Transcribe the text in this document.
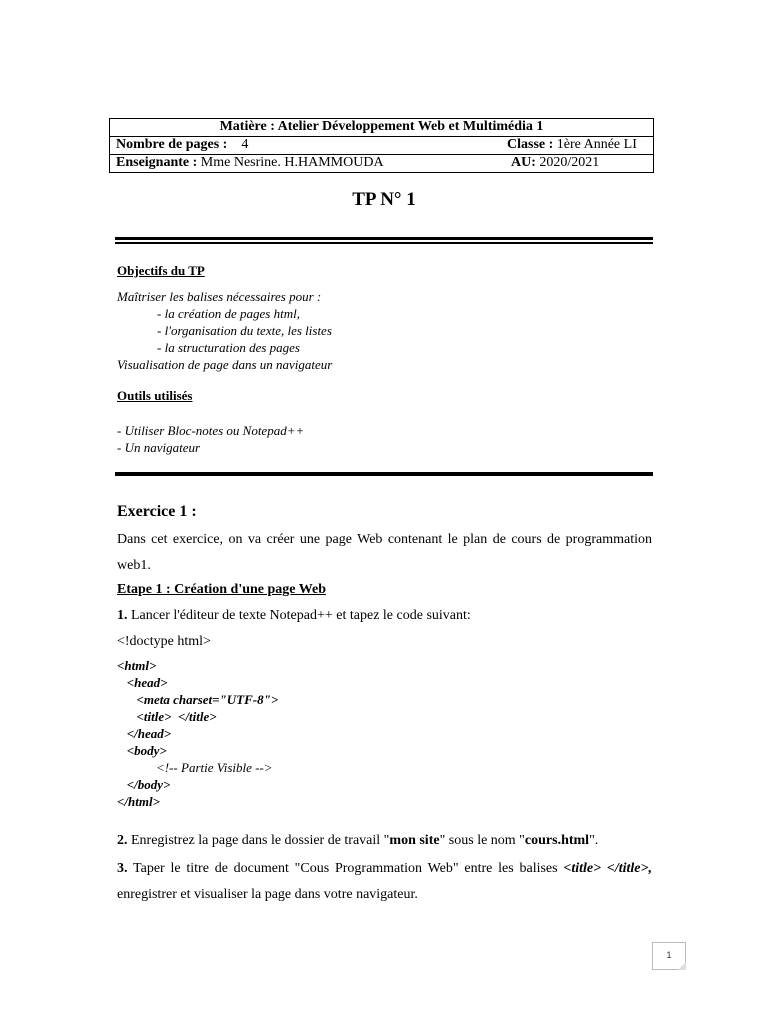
Matière : Atelier Développement Web et Multimédia 1
Nombre de pages : 4	Classe : 1ère Année LI
Enseignante : Mme Nesrine. H.HAMMOUDA	AU: 2020/2021
TP N° 1
Objectifs du TP
Maîtriser les balises nécessaires pour :
- la création de pages html,
- l'organisation du texte, les listes
- la structuration des pages
Visualisation de page dans un navigateur
Outils utilisés
- Utiliser Bloc-notes ou Notepad++
- Un navigateur
Exercice 1 :
Dans cet exercice, on va créer une page Web contenant le plan de cours de programmation web1.
Etape 1 : Création d'une page Web
1. Lancer l'éditeur de texte Notepad++ et tapez le code suivant:
<!doctype html>
<html>
<head>
<meta charset="UTF-8">
<title>  </title>
</head>
<body>
<!-- Partie Visible -->
</body>
</html>
2. Enregistrez la page dans le dossier de travail "mon site" sous le nom "cours.html".
3. Taper le titre de document "Cous Programmation Web" entre les balises <title> </title>, enregistrer et visualiser la page dans votre navigateur.
1
